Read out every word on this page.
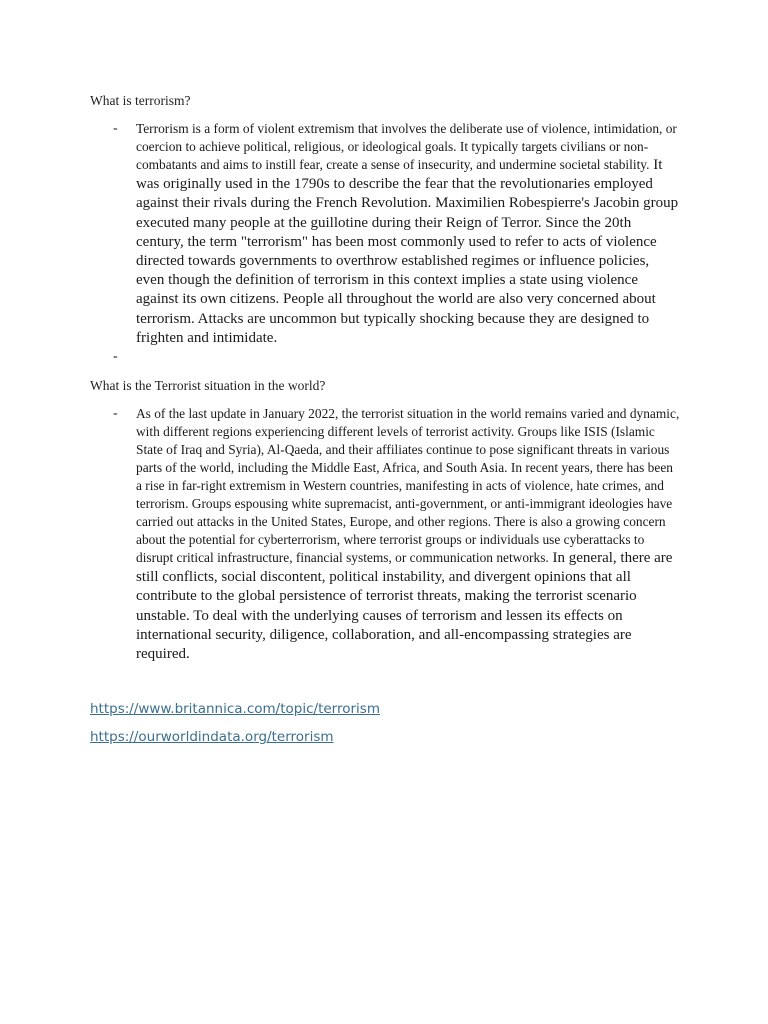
What is terrorism?
- Terrorism is a form of violent extremism that involves the deliberate use of violence, intimidation, or coercion to achieve political, religious, or ideological goals. It typically targets civilians or non-combatants and aims to instill fear, create a sense of insecurity, and undermine societal stability. It was originally used in the 1790s to describe the fear that the revolutionaries employed against their rivals during the French Revolution. Maximilien Robespierre's Jacobin group executed many people at the guillotine during their Reign of Terror. Since the 20th century, the term "terrorism" has been most commonly used to refer to acts of violence directed towards governments to overthrow established regimes or influence policies, even though the definition of terrorism in this context implies a state using violence against its own citizens. People all throughout the world are also very concerned about terrorism. Attacks are uncommon but typically shocking because they are designed to frighten and intimidate.
-
What is the Terrorist situation in the world?
- As of the last update in January 2022, the terrorist situation in the world remains varied and dynamic, with different regions experiencing different levels of terrorist activity. Groups like ISIS (Islamic State of Iraq and Syria), Al-Qaeda, and their affiliates continue to pose significant threats in various parts of the world, including the Middle East, Africa, and South Asia. In recent years, there has been a rise in far-right extremism in Western countries, manifesting in acts of violence, hate crimes, and terrorism. Groups espousing white supremacist, anti-government, or anti-immigrant ideologies have carried out attacks in the United States, Europe, and other regions. There is also a growing concern about the potential for cyberterrorism, where terrorist groups or individuals use cyberattacks to disrupt critical infrastructure, financial systems, or communication networks. In general, there are still conflicts, social discontent, political instability, and divergent opinions that all contribute to the global persistence of terrorist threats, making the terrorist scenario unstable. To deal with the underlying causes of terrorism and lessen its effects on international security, diligence, collaboration, and all-encompassing strategies are required.
https://www.britannica.com/topic/terrorism
https://ourworldindata.org/terrorism
